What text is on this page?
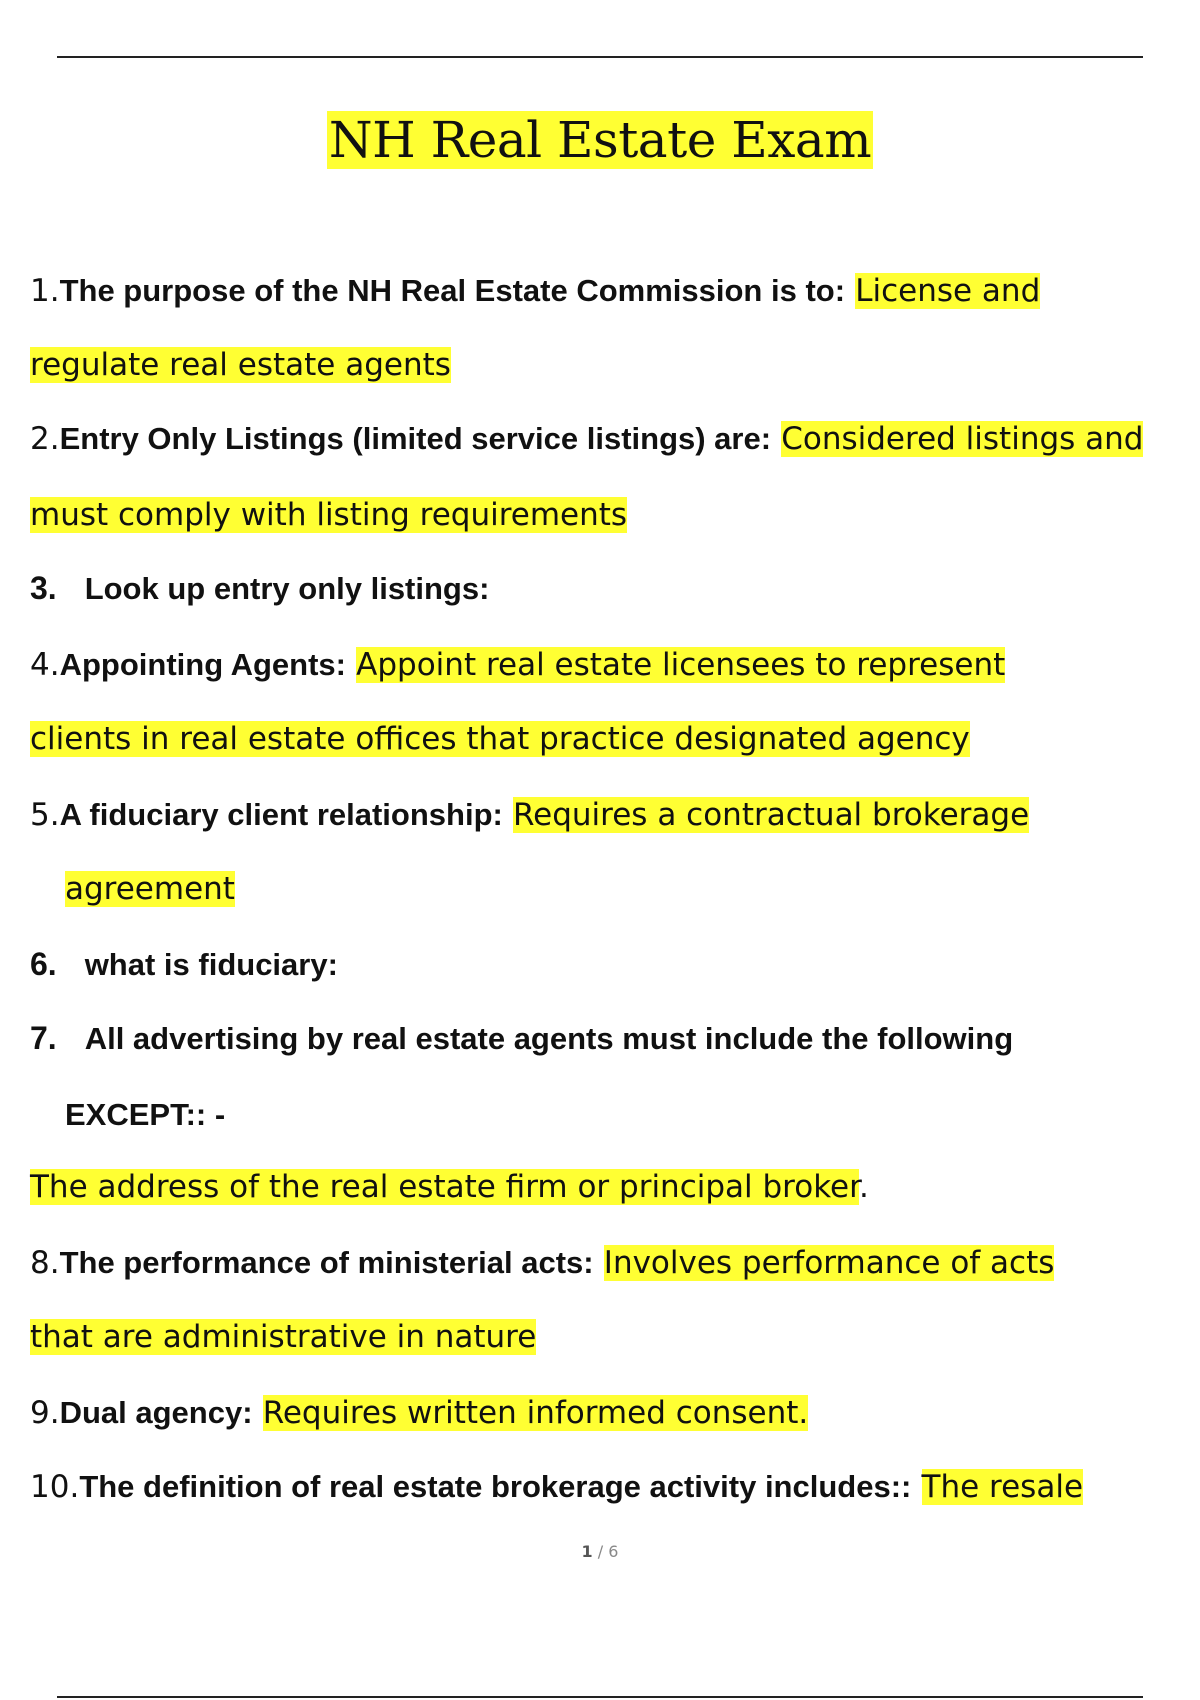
NH Real Estate Exam
1.The purpose of the NH Real Estate Commission is to: License and
regulate real estate agents
2.Entry Only Listings (limited service listings) are: Considered listings and
must comply with listing requirements
3. Look up entry only listings:
4.Appointing Agents: Appoint real estate licensees to represent
clients in real estate offices that practice designated agency
5.A fiduciary client relationship: Requires a contractual brokerage
agreement
6. what is fiduciary:
7. All advertising by real estate agents must include the following
EXCEPT:: -
The address of the real estate firm or principal broker.
8.The performance of ministerial acts: Involves performance of acts
that are administrative in nature
9.Dual agency: Requires written informed consent.
10.The definition of real estate brokerage activity includes:: The resale
1 / 6
